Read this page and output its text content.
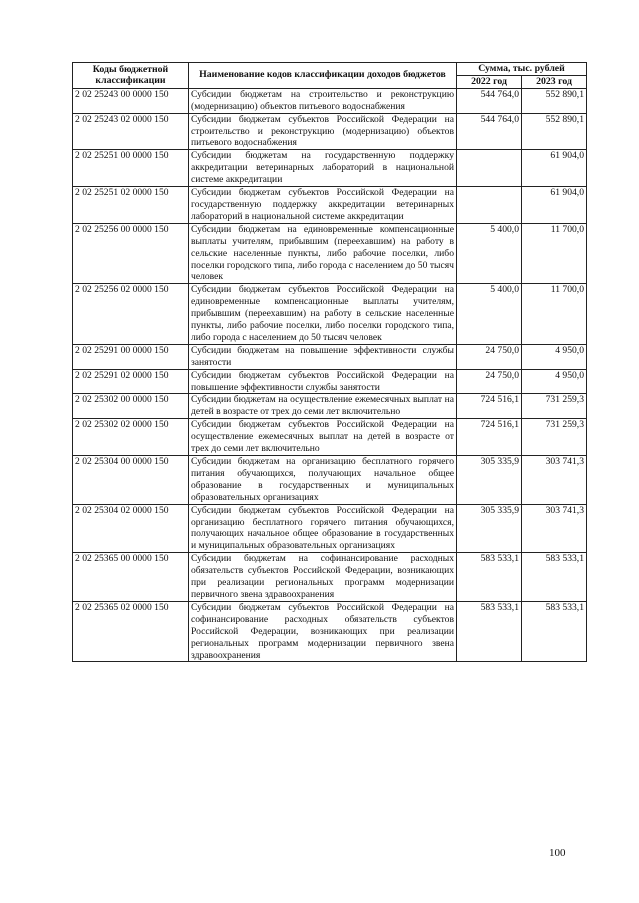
Коды бюджетной классификации	Наименование кодов классификации доходов бюджетов	Сумма, тыс. рублей	
		2022 год	2023 год
2 02 25243 00 0000 150	Субсидии бюджетам на строительство и реконструкцию (модернизацию) объектов питьевого водоснабжения	544 764,0	552 890,1
2 02 25243 02 0000 150	Субсидии бюджетам субъектов Российской Федерации на строительство и реконструкцию (модернизацию) объектов питьевого водоснабжения	544 764,0	552 890,1
2 02 25251 00 0000 150	Субсидии бюджетам на государственную поддержку аккредитации ветеринарных лабораторий в национальной системе аккредитации		61 904,0
2 02 25251 02 0000 150	Субсидии бюджетам субъектов Российской Федерации на государственную поддержку аккредитации ветеринарных лабораторий в национальной системе аккредитации		61 904,0
2 02 25256 00 0000 150	Субсидии бюджетам на единовременные компенсационные выплаты учителям, прибывшим (переехавшим) на работу в сельские населенные пункты, либо рабочие поселки, либо поселки городского типа, либо города с населением до 50 тысяч человек	5 400,0	11 700,0
2 02 25256 02 0000 150	Субсидии бюджетам субъектов Российской Федерации на единовременные компенсационные выплаты учителям, прибывшим (переехавшим) на работу в сельские населенные пункты, либо рабочие поселки, либо поселки городского типа, либо города с населением до 50 тысяч человек	5 400,0	11 700,0
2 02 25291 00 0000 150	Субсидии бюджетам на повышение эффективности службы занятости	24 750,0	4 950,0
2 02 25291 02 0000 150	Субсидии бюджетам субъектов Российской Федерации на повышение эффективности службы занятости	24 750,0	4 950,0
2 02 25302 00 0000 150	Субсидии бюджетам на осуществление ежемесячных выплат на детей в возрасте от трех до семи лет включительно	724 516,1	731 259,3
2 02 25302 02 0000 150	Субсидии бюджетам субъектов Российской Федерации на осуществление ежемесячных выплат на детей в возрасте от трех до семи лет включительно	724 516,1	731 259,3
2 02 25304 00 0000 150	Субсидии бюджетам на организацию бесплатного горячего питания обучающихся, получающих начальное общее образование в государственных и муниципальных образовательных организациях	305 335,9	303 741,3
2 02 25304 02 0000 150	Субсидии бюджетам субъектов Российской Федерации на организацию бесплатного горячего питания обучающихся, получающих начальное общее образование в государственных и муниципальных образовательных организациях	305 335,9	303 741,3
2 02 25365 00 0000 150	Субсидии бюджетам на софинансирование расходных обязательств субъектов Российской Федерации, возникающих при реализации региональных программ модернизации первичного звена здравоохранения	583 533,1	583 533,1
2 02 25365 02 0000 150	Субсидии бюджетам субъектов Российской Федерации на софинансирование расходных обязательств субъектов Российской Федерации, возникающих при реализации региональных программ модернизации первичного звена здравоохранения	583 533,1	583 533,1
100
